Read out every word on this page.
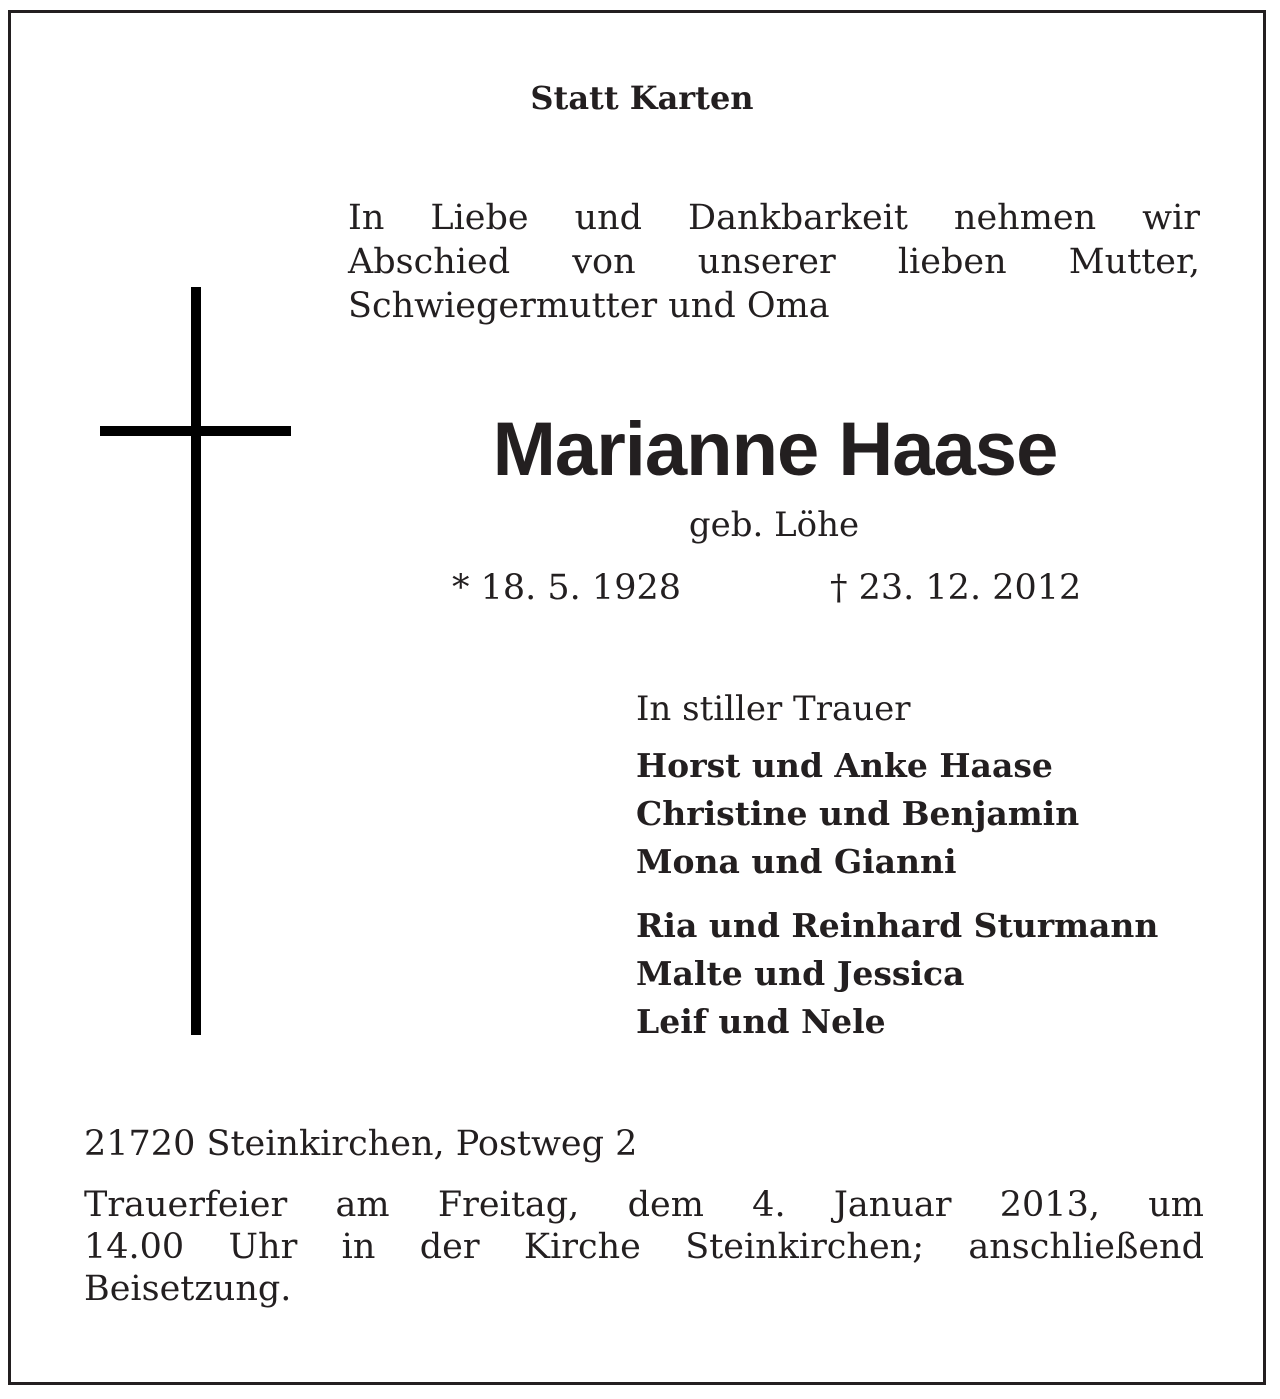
Statt Karten
In Liebe und Dankbarkeit nehmen wir
Abschied von unserer lieben Mutter,
Schwiegermutter und Oma
Marianne Haase
geb. Löhe
* 18. 5. 1928	† 23. 12. 2012
In stiller Trauer
Horst und Anke Haase
Christine und Benjamin
Mona und Gianni
Ria und Reinhard Sturmann
Malte und Jessica
Leif und Nele
21720 Steinkirchen, Postweg 2
Trauerfeier am Freitag, dem 4. Januar 2013, um
14.00 Uhr in der Kirche Steinkirchen; anschließend
Beisetzung.
